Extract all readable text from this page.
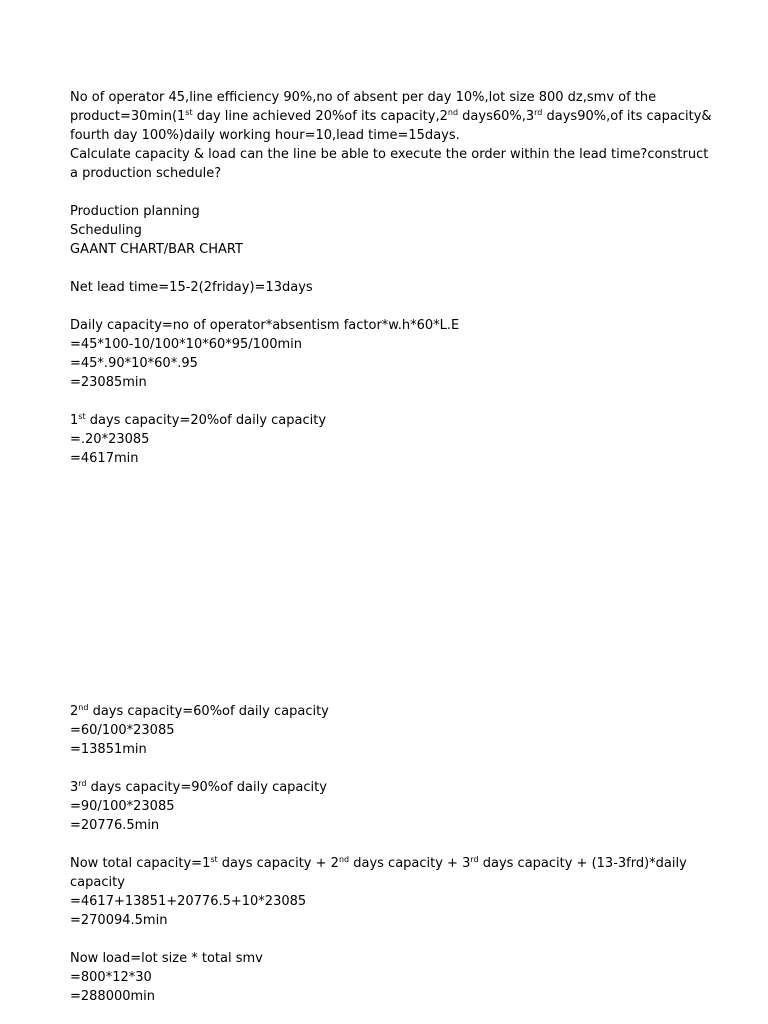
No of operator 45,line efficiency 90%,no of absent per day 10%,lot size 800 dz,smv of the
product=30min(1st day line achieved 20%of its capacity,2nd days60%,3rd days90%,of its capacity&
fourth day 100%)daily working hour=10,lead time=15days.
Calculate capacity & load can the line be able to execute the order within the lead time?construct
a production schedule?
Production planning
Scheduling
GAANT CHART/BAR CHART
Net lead time=15-2(2friday)=13days
Daily capacity=no of operator*absentism factor*w.h*60*L.E
=45*100-10/100*10*60*95/100min
=45*.90*10*60*.95
=23085min
1st days capacity=20%of daily capacity
=.20*23085
=4617min
2nd days capacity=60%of daily capacity
=60/100*23085
=13851min
3rd days capacity=90%of daily capacity
=90/100*23085
=20776.5min
Now total capacity=1st days capacity + 2nd days capacity + 3rd days capacity + (13-3frd)*daily
capacity
=4617+13851+20776.5+10*23085
=270094.5min
Now load=lot size * total smv
=800*12*30
=288000min
